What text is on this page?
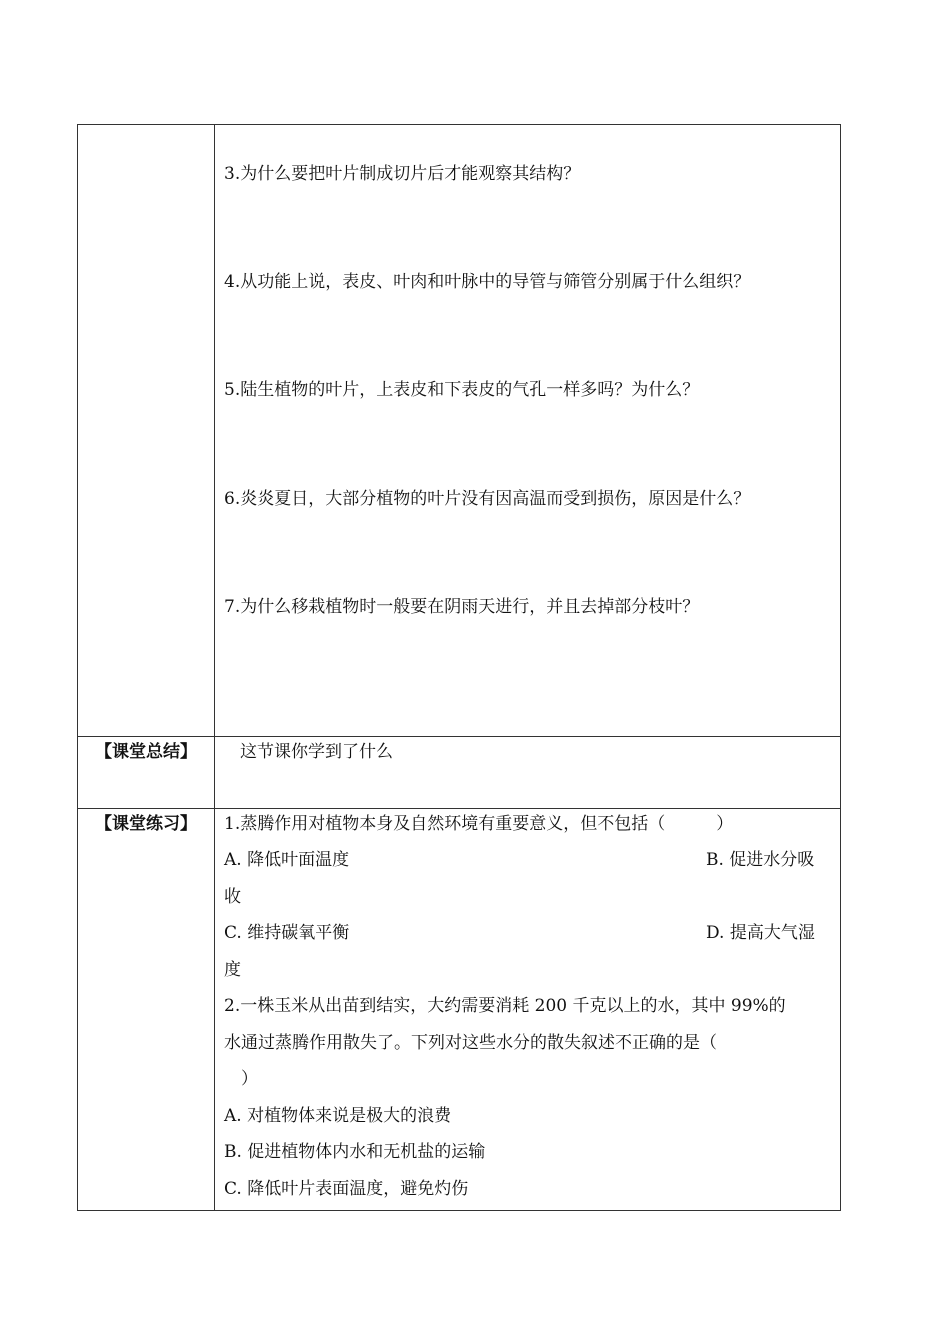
3.为什么要把叶片制成切片后才能观察其结构？
4.从功能上说，表皮、叶肉和叶脉中的导管与筛管分别属于什么组织？
5.陆生植物的叶片，上表皮和下表皮的气孔一样多吗？为什么？
6.炎炎夏日，大部分植物的叶片没有因高温而受到损伤，原因是什么？
7.为什么移栽植物时一般要在阴雨天进行，并且去掉部分枝叶？
【课堂总结】	这节课你学到了什么
【课堂练习】	1.蒸腾作用对植物本身及自然环境有重要意义，但不包括（　　　）
A. 降低叶面温度	B. 促进水分吸
收
C. 维持碳氧平衡	D. 提高大气湿
度
2.一株玉米从出苗到结实，大约需要消耗 200 千克以上的水，其中 99%的
水通过蒸腾作用散失了。下列对这些水分的散失叙述不正确的是（
　）
A. 对植物体来说是极大的浪费
B. 促进植物体内水和无机盐的运输
C. 降低叶片表面温度，避免灼伤
